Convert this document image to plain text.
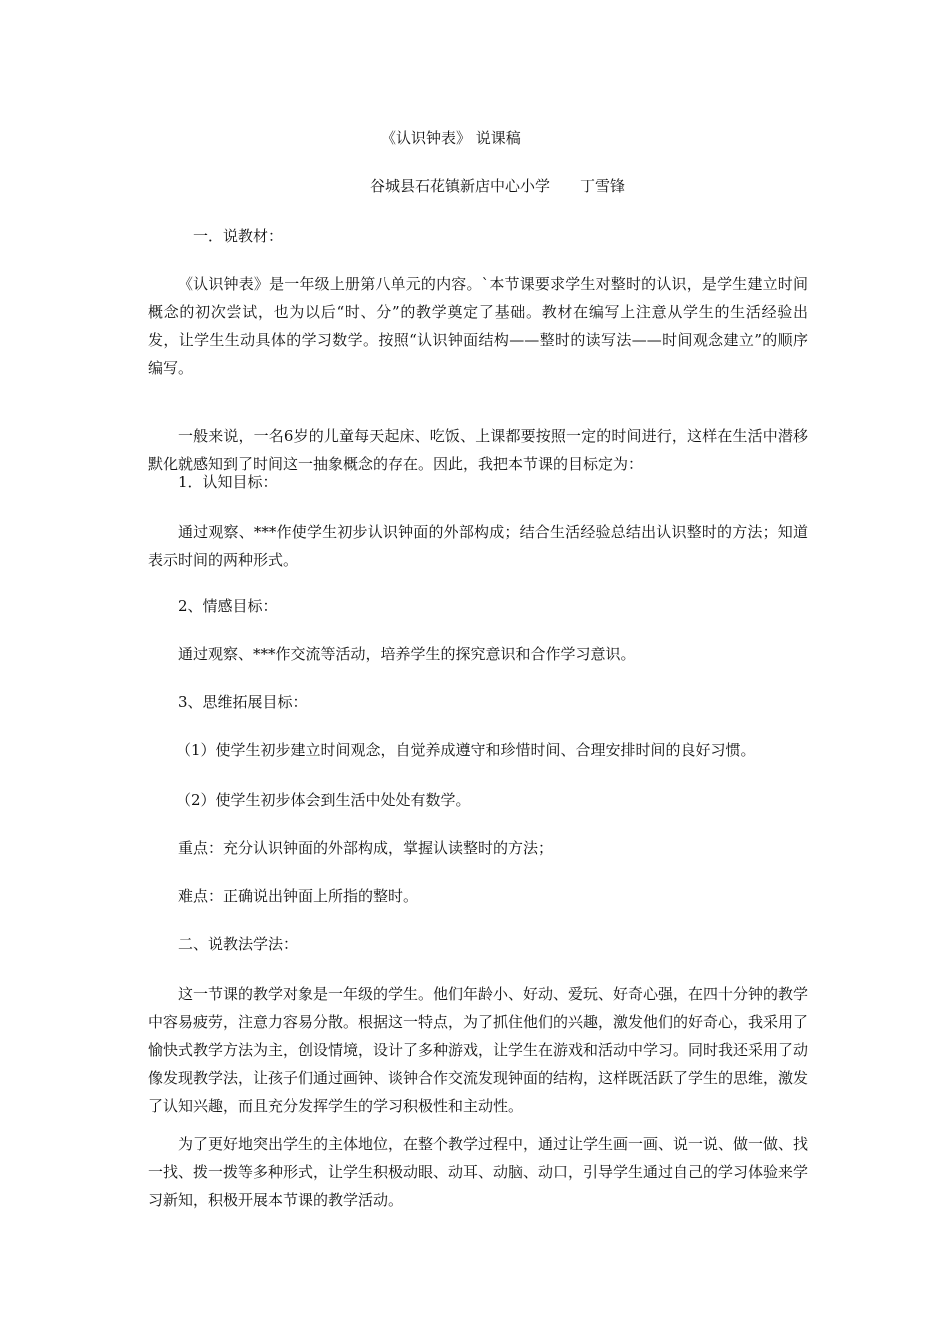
《认识钟表》 说课稿
谷城县石花镇新店中心小学　　丁雪锋
一．说教材：
《认识钟表》是一年级上册第八单元的内容。`本节课要求学生对整时的认识，是学生建立时间概念的初次尝试，也为以后“时、分”的教学奠定了基础。教材在编写上注意从学生的生活经验出发，让学生生动具体的学习数学。按照“认识钟面结构——整时的读写法——时间观念建立”的顺序编写。
一般来说，一名6岁的儿童每天起床、吃饭、上课都要按照一定的时间进行，这样在生活中潜移默化就感知到了时间这一抽象概念的存在。因此，我把本节课的目标定为：
1．认知目标：
通过观察、***作使学生初步认识钟面的外部构成；结合生活经验总结出认识整时的方法；知道表示时间的两种形式。
2、情感目标：
通过观察、***作交流等活动，培养学生的探究意识和合作学习意识。
3、思维拓展目标：
（1）使学生初步建立时间观念，自觉养成遵守和珍惜时间、合理安排时间的良好习惯。
（2）使学生初步体会到生活中处处有数学。
重点：充分认识钟面的外部构成，掌握认读整时的方法；
难点：正确说出钟面上所指的整时。
二、说教法学法：
这一节课的教学对象是一年级的学生。他们年龄小、好动、爱玩、好奇心强，在四十分钟的教学中容易疲劳，注意力容易分散。根据这一特点，为了抓住他们的兴趣，激发他们的好奇心，我采用了愉快式教学方法为主，创设情境，设计了多种游戏，让学生在游戏和活动中学习。同时我还采用了动像发现教学法，让孩子们通过画钟、谈钟合作交流发现钟面的结构，这样既活跃了学生的思维，激发了认知兴趣，而且充分发挥学生的学习积极性和主动性。
为了更好地突出学生的主体地位，在整个教学过程中，通过让学生画一画、说一说、做一做、找一找、拨一拨等多种形式，让学生积极动眼、动耳、动脑、动口，引导学生通过自己的学习体验来学习新知，积极开展本节课的教学活动。
